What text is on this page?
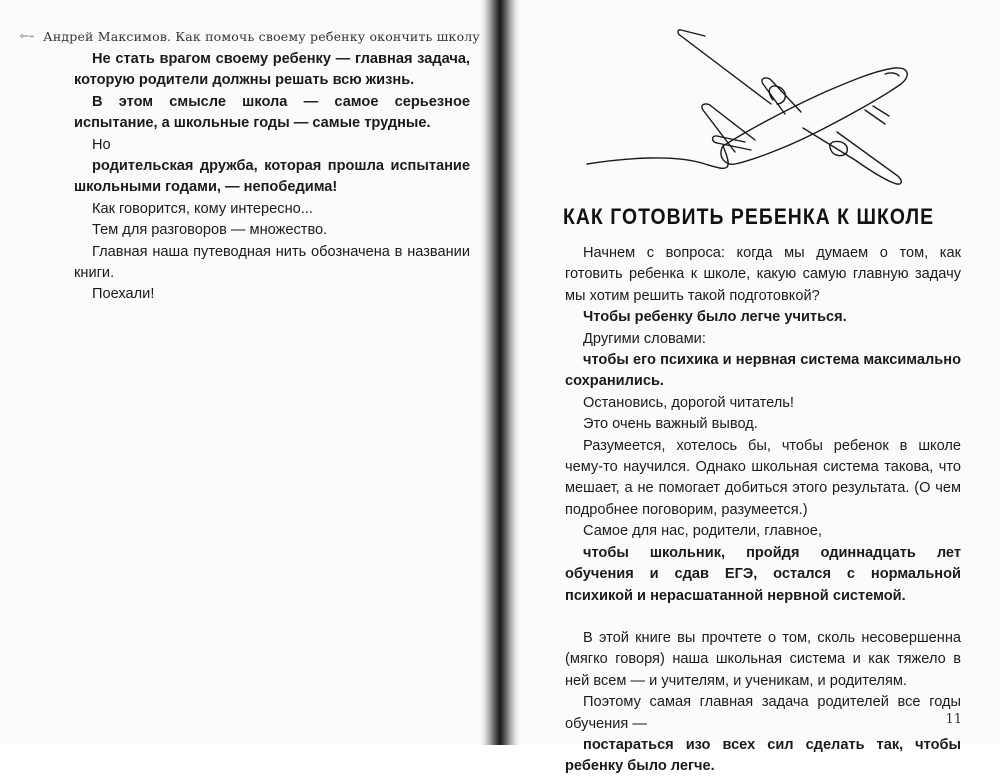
Андрей Максимов. Как помочь своему ребенку окончить школу

Не стать врагом своему ребенку — главная задача, которую родители должны решать всю жизнь.

В этом смысле школа — самое серьезное испытание, а школьные годы — самые трудные.

Но

родительская дружба, которая прошла испытание школьными годами, — непобедима!

Как говорится, кому интересно...

Тем для разговоров — множество.

Главная наша путеводная нить обозначена в названии книги.

Поехали!

КАК ГОТОВИТЬ РЕБЕНКА К ШКОЛЕ

Начнем с вопроса: когда мы думаем о том, как готовить ребенка к школе, какую самую главную задачу мы хотим решить такой подготовкой?

Чтобы ребенку было легче учиться.

Другими словами:

чтобы его психика и нервная система максимально сохранились.

Остановись, дорогой читатель!

Это очень важный вывод.

Разумеется, хотелось бы, чтобы ребенок в школе чему-то научился. Однако школьная система такова, что мешает, а не помогает добиться этого результата. (О чем подробнее поговорим, разумеется.)

Самое для нас, родители, главное,

чтобы школьник, пройдя одиннадцать лет обучения и сдав ЕГЭ, остался с нормальной психикой и нерасшатанной нервной системой.

В этой книге вы прочтете о том, сколь несовершенна (мягко говоря) наша школьная система и как тяжело в ней всем — и учителям, и ученикам, и родителям.

Поэтому самая главная задача родителей все годы обучения —

постараться изо всех сил сделать так, чтобы ребенку было легче.

11
